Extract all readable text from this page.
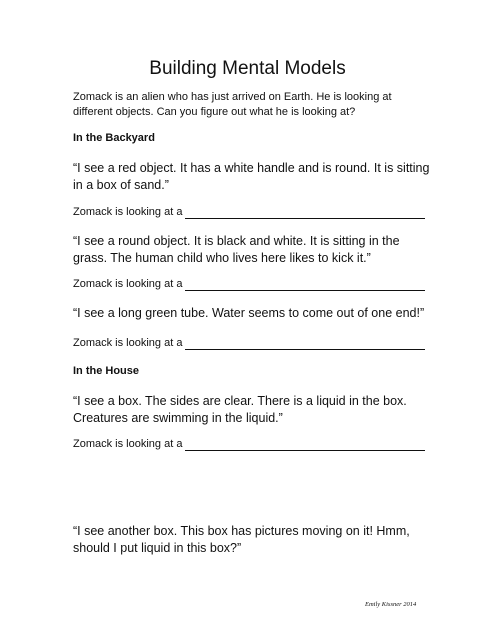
Building Mental Models
Zomack is an alien who has just arrived on Earth. He is looking at different objects. Can you figure out what he is looking at?
In the Backyard
“I see a red object. It has a white handle and is round. It is sitting in a box of sand.”
Zomack is looking at a
“I see a round object. It is black and white. It is sitting in the grass. The human child who lives here likes to kick it.”
Zomack is looking at a
“I see a long green tube. Water seems to come out of one end!”
Zomack is looking at a
In the House
“I see a box. The sides are clear. There is a liquid in the box. Creatures are swimming in the liquid.”
Zomack is looking at a
“I see another box. This box has pictures moving on it! Hmm, should I put liquid in this box?”
Emily Kissner 2014
